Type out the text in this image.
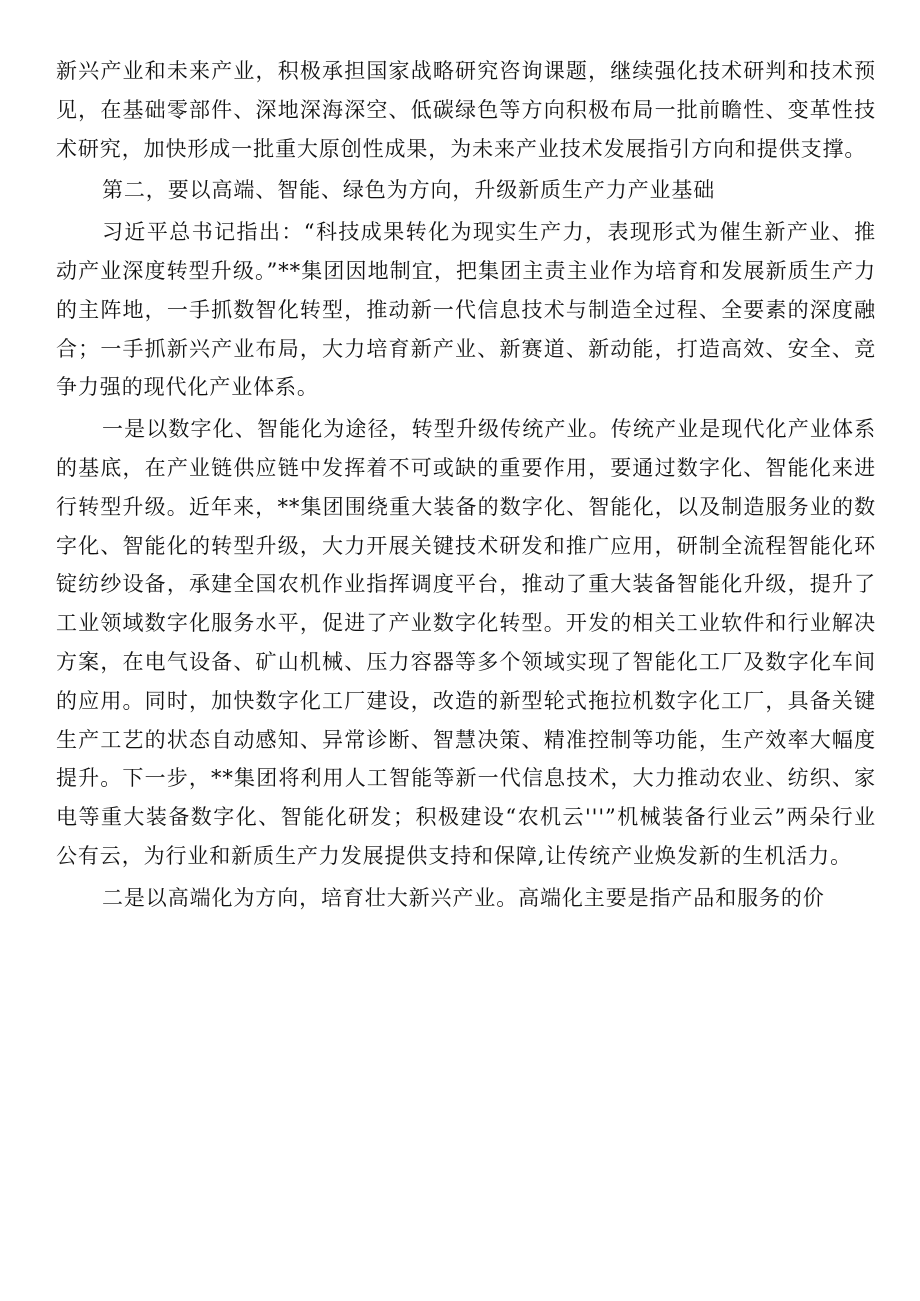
新兴产业和未来产业，积极承担国家战略研究咨询课题，继续强化技术研判和技术预见，在基础零部件、深地深海深空、低碳绿色等方向积极布局一批前瞻性、变革性技术研究，加快形成一批重大原创性成果，为未来产业技术发展指引方向和提供支撑。

第二，要以高端、智能、绿色为方向，升级新质生产力产业基础

习近平总书记指出：“科技成果转化为现实生产力，表现形式为催生新产业、推动产业深度转型升级。”**集团因地制宜，把集团主责主业作为培育和发展新质生产力的主阵地，一手抓数智化转型，推动新一代信息技术与制造全过程、全要素的深度融合；一手抓新兴产业布局，大力培育新产业、新赛道、新动能，打造高效、安全、竞争力强的现代化产业体系。

一是以数字化、智能化为途径，转型升级传统产业。传统产业是现代化产业体系的基底，在产业链供应链中发挥着不可或缺的重要作用，要通过数字化、智能化来进行转型升级。近年来，**集团围绕重大装备的数字化、智能化，以及制造服务业的数字化、智能化的转型升级，大力开展关键技术研发和推广应用，研制全流程智能化环锭纺纱设备，承建全国农机作业指挥调度平台，推动了重大装备智能化升级，提升了工业领域数字化服务水平，促进了产业数字化转型。开发的相关工业软件和行业解决方案，在电气设备、矿山机械、压力容器等多个领域实现了智能化工厂及数字化车间的应用。同时，加快数字化工厂建设，改造的新型轮式拖拉机数字化工厂，具备关键生产工艺的状态自动感知、异常诊断、智慧决策、精准控制等功能，生产效率大幅度提升。下一步，**集团将利用人工智能等新一代信息技术，大力推动农业、纺织、家电等重大装备数字化、智能化研发；积极建设“农机云'''”机械装备行业云”两朵行业公有云，为行业和新质生产力发展提供支持和保障,让传统产业焕发新的生机活力。

二是以高端化为方向，培育壮大新兴产业。高端化主要是指产品和服务的价
